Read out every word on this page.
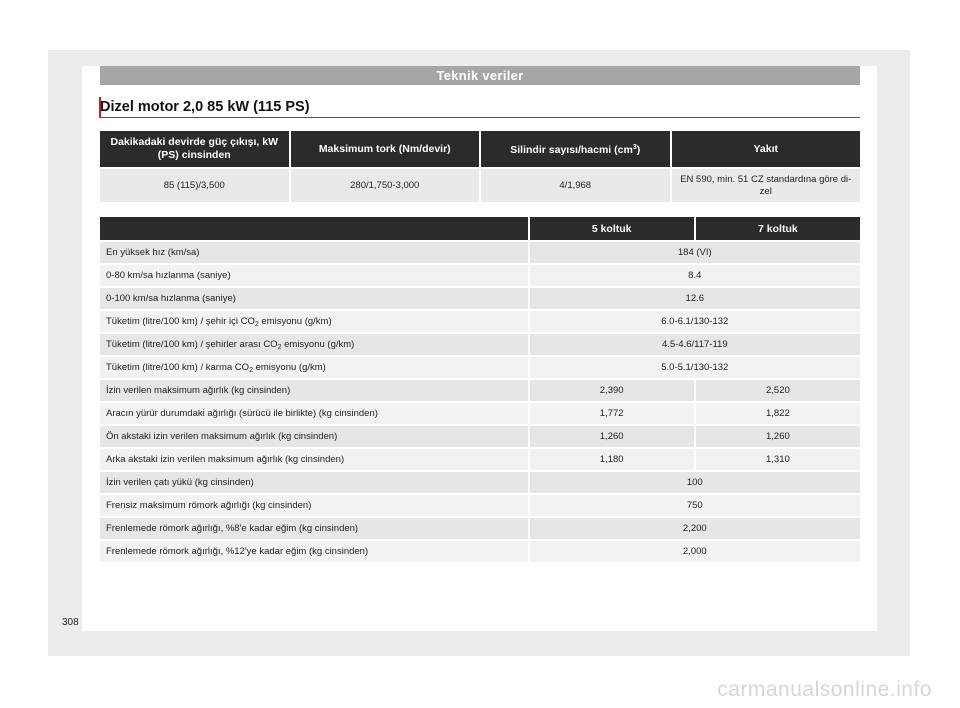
Teknik veriler
Dizel motor 2,0 85 kW (115 PS)
Dakikadaki devirde güç çıkışı, kW (PS) cinsinden	Maksimum tork (Nm/devir)	Silindir sayısı/hacmi $(cm^3)$	Yakıt
85 (115)/3,500	280/1,750-3,000	4/1,968	EN 590, min. 51 CZ standardına göre di-zel
	5 koltuk	7 koltuk
En yüksek hız (km/sa)	184 (VI)	
0-80 km/sa hızlanma (saniye)	8.4	
0-100 km/sa hızlanma (saniye)	12.6	
Tüketim (litre/100 km) / şehir içi $CO_2$ emisyonu (g/km)	6.0-6.1/130-132	
Tüketim (litre/100 km) / şehirler arası $CO_2$ emisyonu (g/km)	4.5-4.6/117-119	
Tüketim (litre/100 km) / karma $CO_2$ emisyonu (g/km)	5.0-5.1/130-132	
İzin verilen maksimum ağırlık (kg cinsinden)	2,390	2,520
Aracın yürür durumdaki ağırlığı (sürücü ile birlikte) (kg cinsinden)	1,772	1,822
Ön akstaki izin verilen maksimum ağırlık (kg cinsinden)	1,260	1,260
Arka akstaki izin verilen maksimum ağırlık (kg cinsinden)	1,180	1,310
İzin verilen çatı yükü (kg cinsinden)	100	
Frensiz maksimum römork ağırlığı (kg cinsinden)	750	
Frenlemede römork ağırlığı, %8'e kadar eğim (kg cinsinden)	2,200	
Frenlemede römork ağırlığı, %12'ye kadar eğim (kg cinsinden)	2,000	
308
carmanualsonline.info
